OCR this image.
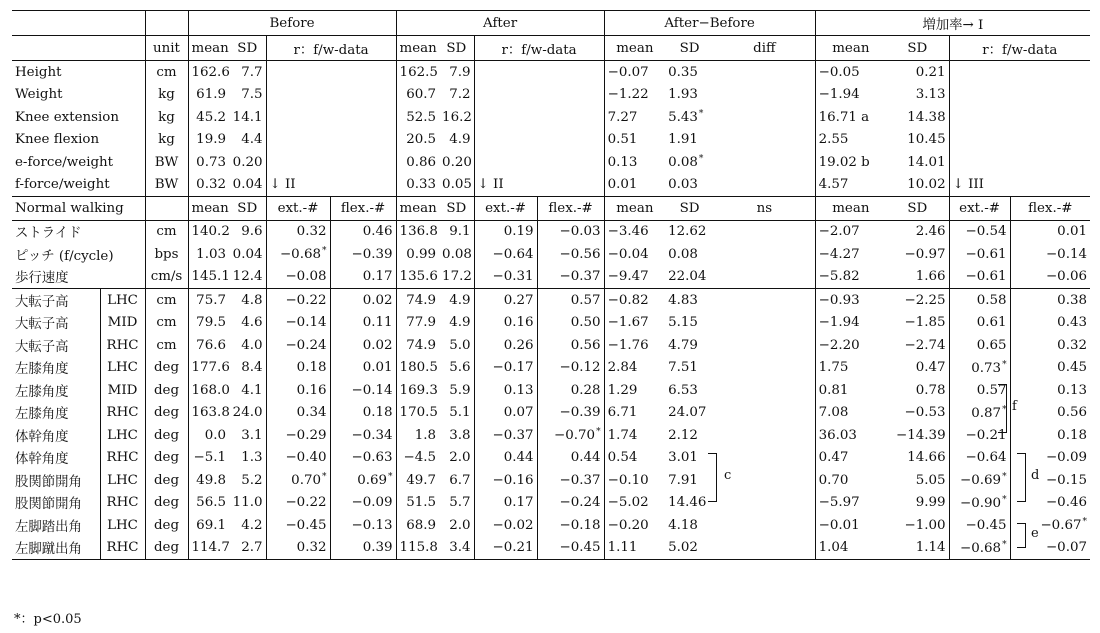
			Before				After				After−Before			増加率→ I			
		unit	mean	SD	r：f/w-data		mean	SD	r：f/w-data		mean	SD	diff	mean	SD	r：f/w-data	
Height		cm	162.6	7.7			162.5	7.9			−0.07	0.35		−0.05	0.21		
Weight		kg	61.9	7.5			60.7	7.2			−1.22	1.93		−1.94	3.13		
Knee extension		kg	45.2	14.1			52.5	16.2			7.27	5.43*		16.71 a	14.38		
Knee flexion		kg	19.9	4.4			20.5	4.9			0.51	1.91		2.55	10.45		
e-force/weight		BW	0.73	0.20			0.86	0.20			0.13	0.08*		19.02 b	14.01		
f-force/weight		BW	0.32	0.04	↓ II		0.33	0.05	↓ II		0.01	0.03		4.57	10.02	↓ III	
Normal walking			mean	SD	ext.-#	flex.-#	mean	SD	ext.-#	flex.-#	mean	SD	ns	mean	SD	ext.-#	flex.-#
ストライド		cm	140.2	9.6	0.32	0.46	136.8	9.1	0.19	−0.03	−3.46	12.62		−2.07	2.46	−0.54	0.01
ピッチ (f/cycle)		bps	1.03	0.04	−0.68*	−0.39	0.99	0.08	−0.64	−0.56	−0.04	0.08		−4.27	−0.97	−0.61	−0.14
歩行速度		cm/s	145.1	12.4	−0.08	0.17	135.6	17.2	−0.31	−0.37	−9.47	22.04		−5.82	1.66	−0.61	−0.06
大転子高	LHC	cm	75.7	4.8	−0.22	0.02	74.9	4.9	0.27	0.57	−0.82	4.83		−0.93	−2.25	0.58	0.38
大転子高	MID	cm	79.5	4.6	−0.14	0.11	77.9	4.9	0.16	0.50	−1.67	5.15		−1.94	−1.85	0.61	0.43
大転子高	RHC	cm	76.6	4.0	−0.24	0.02	74.9	5.0	0.26	0.56	−1.76	4.79		−2.20	−2.74	0.65	0.32
左膝角度	LHC	deg	177.6	8.4	0.18	0.01	180.5	5.6	−0.17	−0.12	2.84	7.51		1.75	0.47	0.73*	0.45
左膝角度	MID	deg	168.0	4.1	0.16	−0.14	169.3	5.9	0.13	0.28	1.29	6.53		0.81	0.78	0.57	0.13
左膝角度	RHC	deg	163.8	24.0	0.34	0.18	170.5	5.1	0.07	−0.39	6.71	24.07		7.08	−0.53	0.87*	0.56
体幹角度	LHC	deg	0.0	3.1	−0.29	−0.34	1.8	3.8	−0.37	−0.70*	1.74	2.12		36.03	−14.39	−0.21	0.18
体幹角度	RHC	deg	−5.1	1.3	−0.40	−0.63	−4.5	2.0	0.44	0.44	0.54	3.01		0.47	14.66	−0.64	−0.09
股関節開角	LHC	deg	49.8	5.2	0.70*	0.69*	49.7	6.7	−0.16	−0.37	−0.10	7.91		0.70	5.05	−0.69*	−0.15
股関節開角	RHC	deg	56.5	11.0	−0.22	−0.09	51.5	5.7	0.17	−0.24	−5.02	14.46		−5.97	9.99	−0.90*	−0.46
左脚踏出角	LHC	deg	69.1	4.2	−0.45	−0.13	68.9	2.0	−0.02	−0.18	−0.20	4.18		−0.01	−1.00	−0.45	−0.67*
左脚蹴出角	RHC	deg	114.7	2.7	0.32	0.39	115.8	3.4	−0.21	−0.45	1.11	5.02		1.04	1.14	−0.68*	−0.07
c	d
e
f
*：p<0.05
